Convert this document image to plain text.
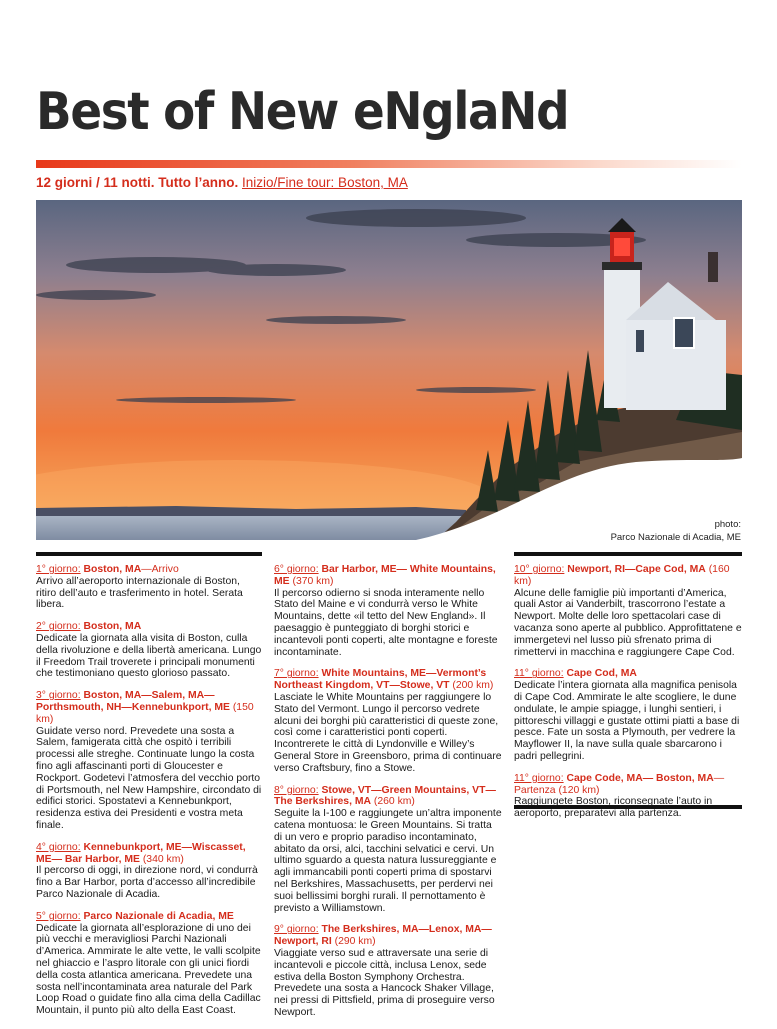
Best of New eNglaNd
12 giorni / 11 notti. Tutto l’anno. Inizio/Fine tour: Boston, MA
photo:
Parco Nazionale di Acadia, ME
1° giorno: Boston, MA—Arrivo
Arrivo all’aeroporto internazionale di Boston, ritiro dell’auto e trasferimento in hotel. Serata libera.
2° giorno: Boston, MA
Dedicate la giornata alla visita di Boston, culla della rivoluzione e della libertà americana. Lungo il Freedom Trail troverete i principali monumenti che testimoniano questo glorioso passato.
3° giorno: Boston, MA—Salem, MA— Porthsmouth, NH—Kennebunkport, ME (150 km)
Guidate verso nord. Prevedete una sosta a Salem, famigerata città che ospitò i terribili processi alle streghe. Continuate lungo la costa fino agli affascinanti porti di Gloucester e Rockport. Godetevi l’atmosfera del vecchio porto di Portsmouth, nel New Hampshire, circondato di edifici storici. Spostatevi a Kennebunkport, residenza estiva dei Presidenti e vostra meta finale.
4° giorno: Kennebunkport, ME—Wiscasset, ME— Bar Harbor, ME (340 km)
Il percorso di oggi, in direzione nord, vi condurrà fino a Bar Harbor, porta d’accesso all’incredibile Parco Nazionale di Acadia.
5° giorno: Parco Nazionale di Acadia, ME
Dedicate la giornata all’esplorazione di uno dei più vecchi e meravigliosi Parchi Nazionali d’America. Ammirate le alte vette, le valli scolpite nel ghiaccio e l’aspro litorale con gli unici fiordi della costa atlantica americana. Prevedete una sosta nell’incontaminata area naturale del Park Loop Road o guidate fino alla cima della Cadillac Mountain, il punto più alto della East Coast.
6° giorno: Bar Harbor, ME— White Mountains, ME (370 km)
Il percorso odierno si snoda interamente nello Stato del Maine e vi condurrà verso le White Mountains, dette «il tetto del New England». Il paesaggio è punteggiato di borghi storici e incantevoli ponti coperti, alte montagne e foreste incontaminate.
7° giorno: White Mountains, ME—Vermont’s Northeast Kingdom, VT—Stowe, VT (200 km)
Lasciate le White Mountains per raggiungere lo Stato del Vermont. Lungo il percorso vedrete alcuni dei borghi più caratteristici di queste zone, così come i caratteristici ponti coperti. Incontrerete le città di Lyndonville e Willey’s General Store in Greensboro, prima di continuare verso Craftsbury, fino a Stowe.
8° giorno: Stowe, VT—Green Mountains, VT— The Berkshires, MA (260 km)
Seguite la I-100 e raggiungete un’altra imponente catena montuosa: le Green Mountains. Si tratta di un vero e proprio paradiso incontaminato, abitato da orsi, alci, tacchini selvatici e cervi. Un ultimo sguardo a questa natura lussureggiante e agli immancabili ponti coperti prima di spostarvi nel Berkshires, Massachusetts, per perdervi nei suoi bellissimi borghi rurali. Il pernottamento è previsto a Williamstown.
9° giorno: The Berkshires, MA—Lenox, MA— Newport, RI (290 km)
Viaggiate verso sud e attraversate una serie di incantevoli e piccole città, inclusa Lenox, sede estiva della Boston Symphony Orchestra. Prevedete una sosta a Hancock Shaker Village, nei pressi di Pittsfield, prima di proseguire verso Newport.
10° giorno: Newport, RI—Cape Cod, MA (160 km)
Alcune delle famiglie più importanti d’America, quali Astor ai Vanderbilt, trascorrono l’estate a Newport. Molte delle loro spettacolari case di vacanza sono aperte al pubblico. Approfittatene e immergetevi nel lusso più sfrenato prima di rimettervi in macchina e raggiungere Cape Cod.
11° giorno: Cape Cod, MA
Dedicate l’intera giornata alla magnifica penisola di Cape Cod. Ammirate le alte scogliere, le dune ondulate, le ampie spiagge, i lunghi sentieri, i pittoreschi villaggi e gustate ottimi piatti a base di pesce. Fate un sosta a Plymouth, per vedrere la Mayflower II, la nave sulla quale sbarcarono i padri pellegrini.
11° giorno: Cape Code, MA— Boston, MA—Partenza (120 km)
Raggiungete Boston, riconsegnate l’auto in aeroporto, preparatevi alla partenza.
